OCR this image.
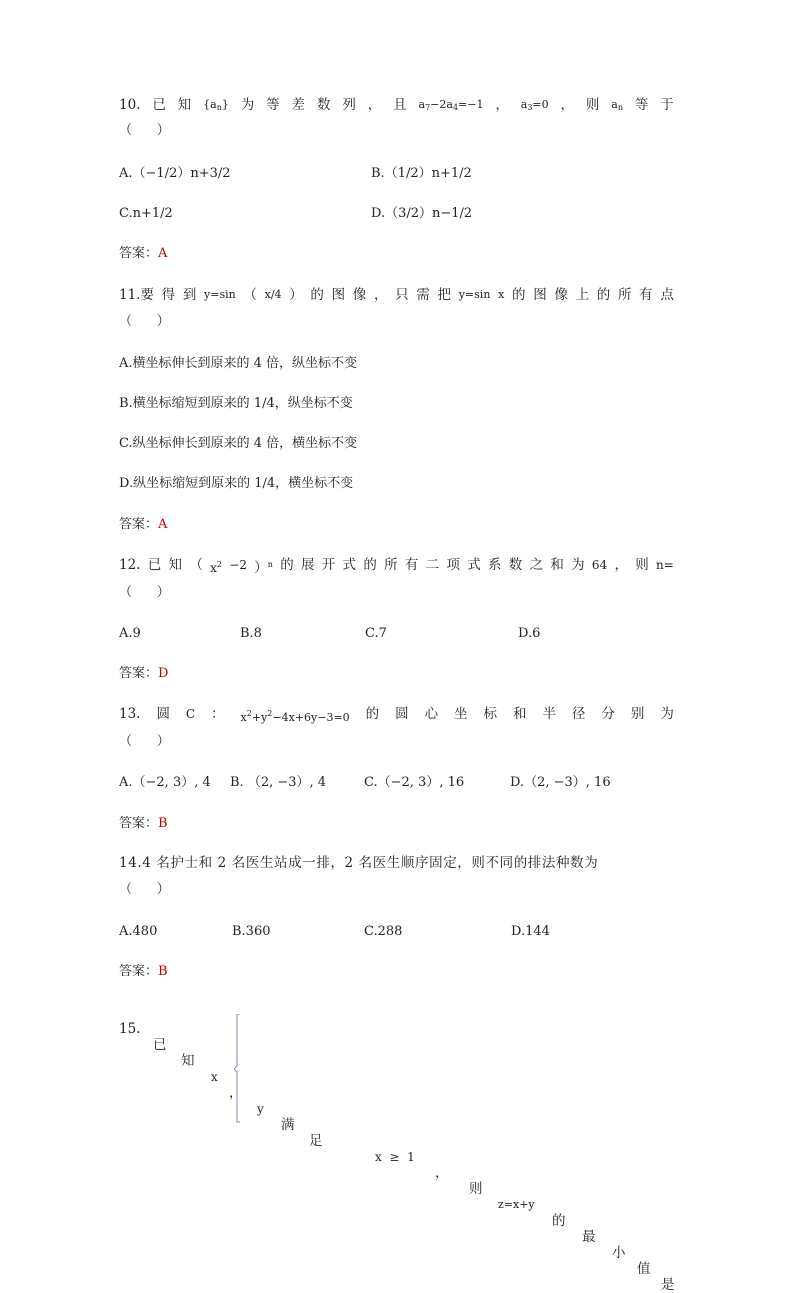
10. 已 知 $\{a_n\}$ 为 等 差 数 列 ， 且 $a_7-2a_4=-1$ ， $a_3=0$ ， 则 $a_n$ 等 于
（      ）
A.（−1/2）n+3/2	B.（1/2）n+1/2
C.n+1/2	D.（3/2）n−1/2
答案：A
11.要 得 到 y=sin （ x/4 ） 的 图 像 ， 只 需 把 y=sin x 的 图 像 上 的 所 有 点
（      ）
A.横坐标伸长到原来的 4 倍，纵坐标不变
B.横坐标缩短到原来的 1/4，纵坐标不变
C.纵坐标伸长到原来的 4 倍，横坐标不变
D.纵坐标缩短到原来的 1/4，横坐标不变
答案：A
12. 已 知 （ $x^2 -2$ ）$^n$ 的 展 开 式 的 所 有 二 项 式 系 数 之 和 为 64 ， 则 n=
（      ）
A.9	B.8	C.7	D.6
答案：D
13. 圆 C ： $x^2+y^2-4x+6y-3=0$ 的 圆 心 坐 标 和 半 径 分 别 为
（      ）
A.（−2, 3）, 4 B. （2, −3）, 4	C.（−2, 3）, 16	D.（2, −3）, 16
答案：B
14.4 名护士和 2 名医生站成一排，2 名医生顺序固定，则不同的排法种数为
（      ）
A.480	B.360	C.288	D.144
答案：B

15.

已

知

x

，

y

满

足

x  ≥  1

，

则

z=x+y

的

最

小

值

是
